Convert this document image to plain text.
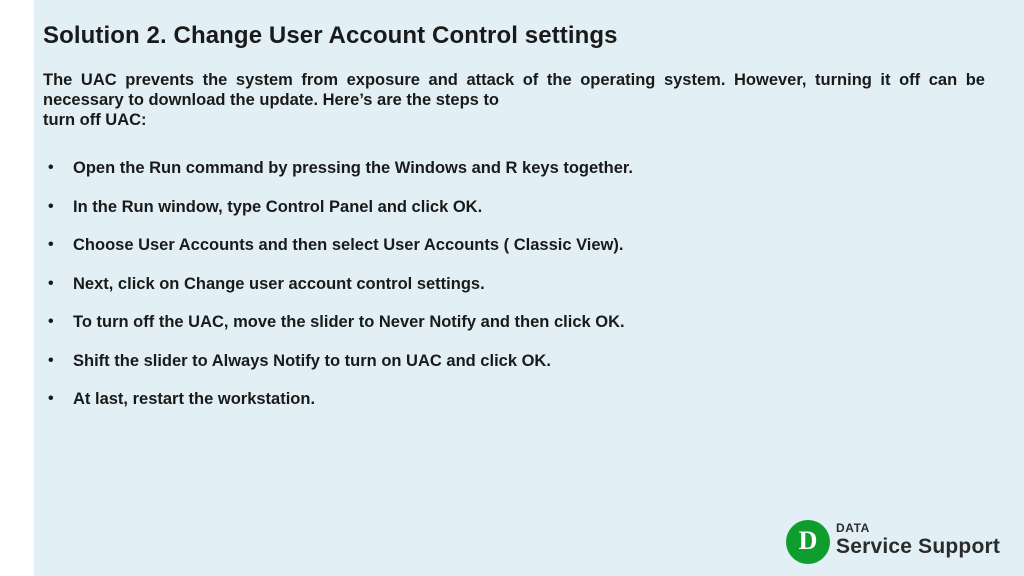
Solution 2. Change User Account Control settings
The UAC prevents the system from exposure and attack of the operating system. However, turning it off can be necessary to download the update. Here’s are the steps to
turn off UAC:
• Open the Run command by pressing the Windows and R keys together.
• In the Run window, type Control Panel and click OK.
• Choose User Accounts and then select User Accounts ( Classic View).
• Next, click on Change user account control settings.
• To turn off the UAC, move the slider to Never Notify and then click OK.
• Shift the slider to Always Notify to turn on UAC and click OK.
• At last, restart the workstation.
D DATA
Service Support
